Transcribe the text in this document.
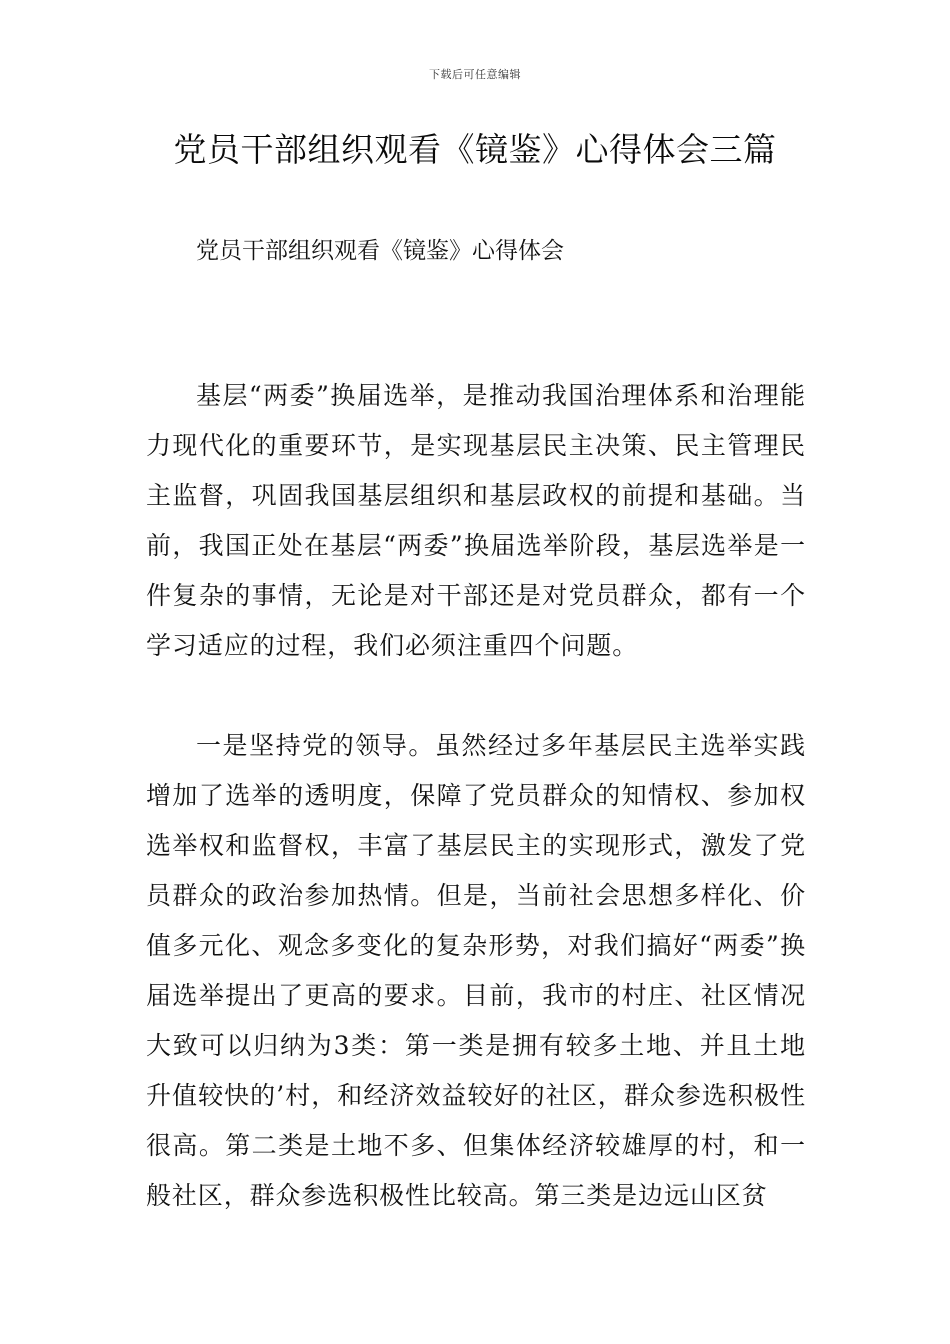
下载后可任意编辑
党员干部组织观看《镜鉴》心得体会三篇
党员干部组织观看《镜鉴》心得体会

基层“两委”换届选举，是推动我国治理体系和治理能力现代化的重要环节，是实现基层民主决策、民主管理民主监督，巩固我国基层组织和基层政权的前提和基础。当前，我国正处在基层“两委”换届选举阶段，基层选举是一件复杂的事情，无论是对干部还是对党员群众，都有一个学习适应的过程，我们必须注重四个问题。

一是坚持党的领导。虽然经过多年基层民主选举实践增加了选举的透明度，保障了党员群众的知情权、参加权选举权和监督权，丰富了基层民主的实现形式，激发了党员群众的政治参加热情。但是，当前社会思想多样化、价值多元化、观念多变化的复杂形势，对我们搞好“两委”换届选举提出了更高的要求。目前，我市的村庄、社区情况大致可以归纳为3类：第一类是拥有较多土地、并且土地升值较快的’村，和经济效益较好的社区，群众参选积极性很高。第二类是土地不多、但集体经济较雄厚的村，和一般社区，群众参选积极性比较高。第三类是边远山区贫
